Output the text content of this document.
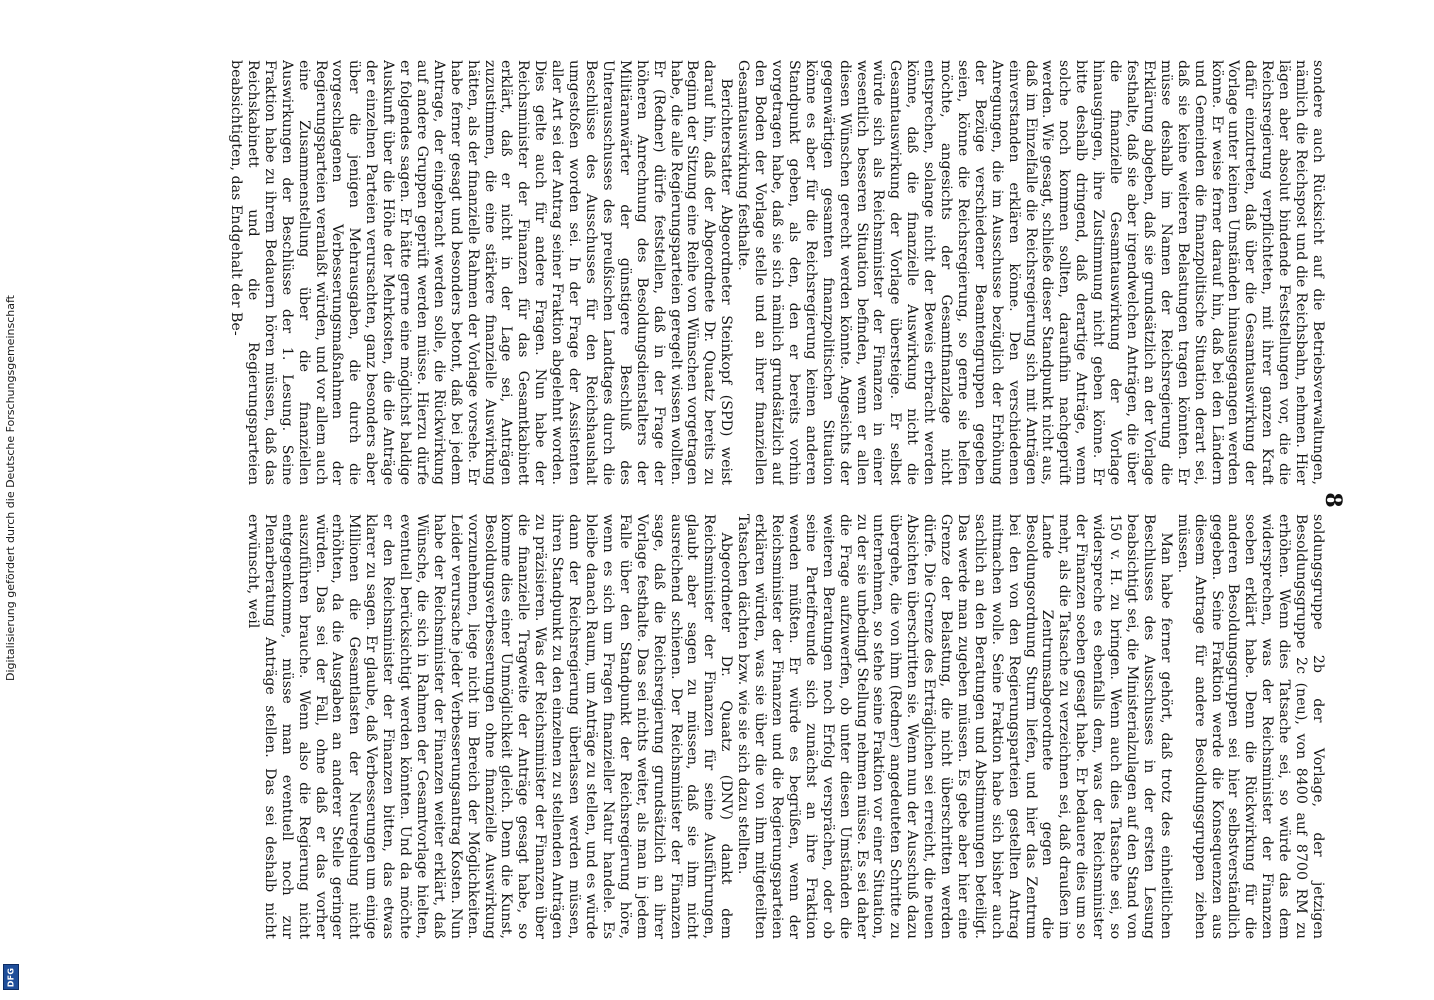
8

sondere auch Rücksicht auf die Betriebsverwaltungen, nämlich die Reichspost und die Reichsbahn, nehmen. Hier lägen aber absolut bindende Feststellungen vor, die die Reichsregierung verpflichteten, mit ihrer ganzen Kraft dafür einzutreten, daß über die Gesamtauswirkung der Vorlage unter keinen Umständen hinausgegangen werden könne. Er weise ferner darauf hin, daß bei den Ländern und Gemeinden die finanzpolitische Situation derart sei, daß sie keine weiteren Belastungen tragen könnten. Er müsse deshalb im Namen der Reichsregierung die Erklärung abgeben, daß sie grundsätzlich an der Vorlage festhalte, daß sie aber irgendwelchen Anträgen, die über die finanzielle Gesamtauswirkung der Vorlage hinausgingen, ihre Zustimmung nicht geben könne. Er bitte deshalb dringend, daß derartige Anträge, wenn solche noch kommen sollten, daraufhin nachgeprüft werden. Wie gesagt, schließe dieser Standpunkt nicht aus, daß im Einzelfalle die Reichsregierung sich mit Anträgen einverstanden erklären könne. Den verschiedenen Anregungen, die im Ausschusse bezüglich der Erhöhung der Bezüge verschiedener Beamtengruppen gegeben seien, könne die Reichsregierung, so gerne sie helfen möchte, angesichts der Gesamtfinanzlage nicht entsprechen, solange nicht der Beweis erbracht werden könne, daß die finanzielle Auswirkung nicht die Gesamtauswirkung der Vorlage übersteige. Er selbst würde sich als Reichsminister der Finanzen in einer wesentlich besseren Situation befinden, wenn er allen diesen Wünschen gerecht werden könnte. Angesichts der gegenwärtigen gesamten finanzpolitischen Situation könne es aber für die Reichsregierung keinen anderen Standpunkt geben, als den, den er bereits vorhin vorgetragen habe, daß sie sich nämlich grundsätzlich auf den Boden der Vorlage stelle und an ihrer finanziellen Gesamtauswirkung festhalte.

Berichterstatter Abgeordneter Steinkopf (SPD) weist darauf hin, daß der Abgeordnete Dr. Quaatz bereits zu Beginn der Sitzung eine Reihe von Wünschen vorgetragen habe, die alle Regierungsparteien geregelt wissen wollten. Er (Redner) dürfe feststellen, daß in der Frage der höheren Anrechnung des Besoldungsdienstalters der Militäranwärter der günstigere Beschluß des Unterausschusses des preußischen Landtages durch die Beschlüsse des Ausschusses für den Reichshaushalt umgestoßen worden sei. In der Frage der Assistenten aller Art sei der Antrag seiner Fraktion abgelehnt worden. Dies gelte auch für andere Fragen. Nun habe der Reichsminister der Finanzen für das Gesamtkabinett erklärt, daß er nicht in der Lage sei, Anträgen zuzustimmen, die eine stärkere finanzielle Auswirkung hätten, als der finanzielle Rahmen der Vorlage vorsehe. Er habe ferner gesagt und besonders betont, daß bei jedem Antrage, der eingebracht werden solle, die Rückwirkung auf andere Gruppen geprüft werden müsse. Hierzu dürfe er folgendes sagen. Er hätte gerne eine möglichst baldige Auskunft über die Höhe der Mehrkosten, die die Anträge der einzelnen Parteien verursachten, ganz besonders aber über die jenigen Mehrausgaben, die durch die vorgeschlagenen Verbesserungsmaßnahmen der Regierungsparteien veranlaßt würden, und vor allem auch eine Zusammenstellung über die finanziellen Auswirkungen der Beschlüsse der 1. Lesung. Seine Fraktion habe zu ihrem Bedauern hören müssen, daß das Reichskabinett und die Regierungsparteien beabsichtigten, das Endgehalt der Be-

soldungsgruppe 2b der Vorlage, der jetzigen Besoldungsgruppe 2c (neu), von 8400 auf 8700 RM zu erhöhen. Wenn dies Tatsache sei, so würde das dem widersprechen, was der Reichsminister der Finanzen soeben erklärt habe. Denn die Rückwirkung für die anderen Besoldungsgruppen sei hier selbstverständlich gegeben. Seine Fraktion werde die Konsequenzen aus diesem Antrage für andere Besoldungsgruppen ziehen müssen.

Man habe ferner gehört, daß trotz des einheitlichen Beschlusses des Ausschusses in der ersten Lesung beabsichtigt sei, die Ministerialzulagen auf den Stand von 150 v. H. zu bringen. Wenn auch dies Tatsache sei, so widerspreche es ebenfalls dem, was der Reichsminister der Finanzen soeben gesagt habe. Er bedauere dies um so mehr, als die Tatsache zu verzeichnen sei, daß draußen im Lande Zentrumsabgeordnete gegen die Besoldungsordnung Sturm liefen, und hier das Zentrum bei den von den Regierungsparteien gestellten Antrag mitmachen wolle. Seine Fraktion habe sich bisher auch sachlich an den Beratungen und Abstimmungen beteiligt. Das werde man zugeben müssen. Es gebe aber hier eine Grenze der Belastung, die nicht überschritten werden dürfe. Die Grenze des Erträglichen sei erreicht, die neuen Absichten überschritten sie. Wenn nun der Ausschuß dazu übergehe, die von ihm (Redner) angedeuteten Schritte zu unternehmen, so stehe seine Fraktion vor einer Situation, zu der sie unbedingt Stellung nehmen müsse. Es sei daher die Frage aufzuwerfen, ob unter diesen Umständen die weiteren Beratungen noch Erfolg versprächen, oder ob seine Parteifreunde sich zunächst an ihre Fraktion wenden müßten. Er würde es begrüßen, wenn der Reichsminister der Finanzen und die Regierungsparteien erklären würden, was sie über die von ihm mitgeteilten Tatsachen dächten bzw. wie sie sich dazu stellten.

Abgeordneter Dr. Quaatz (DNV) dankt dem Reichsminister der Finanzen für seine Ausführungen, glaubt aber sagen zu müssen, daß sie ihm nicht ausreichend schienen. Der Reichsminister der Finanzen sage, daß die Reichsregierung grundsätzlich an ihrer Vorlage festhalte. Das sei nichts weiter, als man in jedem Falle über den Standpunkt der Reichsregierung höre, wenn es sich um Fragen finanzieller Natur handele. Es bleibe danach Raum, um Anträge zu stellen, und es würde dann der Reichsregierung überlassen werden müssen, ihren Standpunkt zu den einzelnen zu stellenden Anträgen zu präzisieren. Was der Reichsminister der Finanzen über die finanzielle Tragweite der Anträge gesagt habe, so komme dies einer Unmöglichkeit gleich. Denn die Kunst, Besoldungsverbesserungen ohne finanzielle Auswirkung vorzunehmen, liege nicht im Bereich der Möglichkeiten. Leider verursache jeder Verbesserungsantrag Kosten. Nun habe der Reichsminister der Finanzen weiter erklärt, daß Wünsche, die sich in Rahmen der Gesamtvorlage hielten, eventuell berücksichtigt werden könnten. Und da möchte er den Reichsminister der Finanzen bitten, das etwas klarer zu sagen. Er glaube, daß Verbesserungen um einige Millionen die Gesamtlasten der Neuregelung nicht erhöhten, da die Ausgaben an anderer Stelle geringer würden. Das sei der Fall, ohne daß er das vorher auszuführen brauche. Wenn also die Regierung nicht entgegenkomme, müsse man eventuell noch zur Plenarberatung Anträge stellen. Das sei deshalb nicht erwünscht, weil

Digitalisierung gefördert durch die Deutsche Forschungsgemeinschaft
DFG
